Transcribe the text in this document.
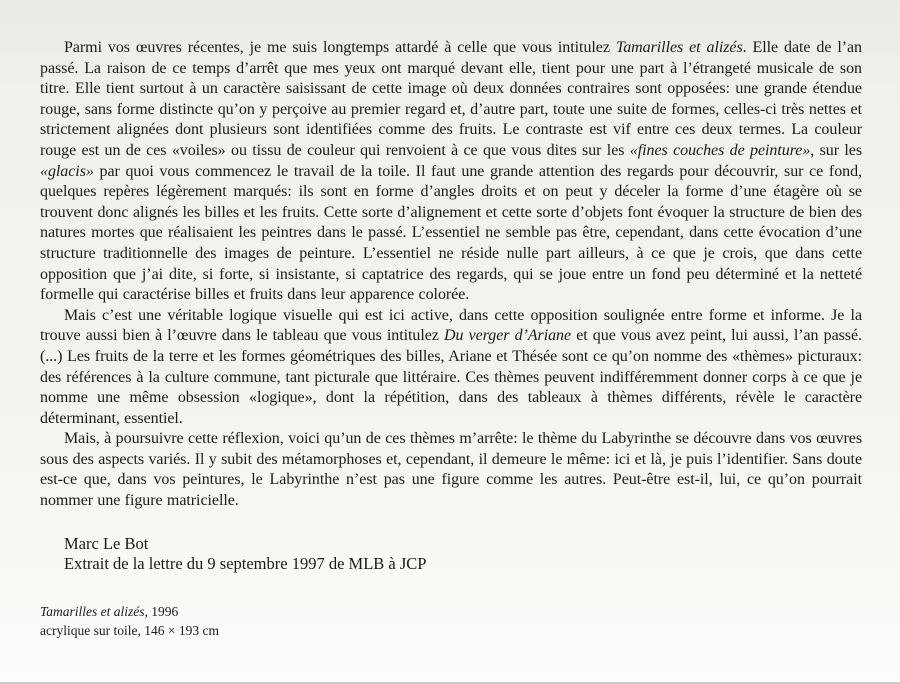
Parmi vos œuvres récentes, je me suis longtemps attardé à celle que vous intitulez Tamarilles et alizés. Elle date de l’an passé. La raison de ce temps d’arrêt que mes yeux ont marqué devant elle, tient pour une part à l’étrangeté musicale de son titre. Elle tient surtout à un caractère saisissant de cette image où deux données contraires sont opposées: une grande étendue rouge, sans forme distincte qu’on y perçoive au premier regard et, d’autre part, toute une suite de formes, celles-ci très nettes et strictement alignées dont plusieurs sont identifiées comme des fruits. Le contraste est vif entre ces deux termes. La couleur rouge est un de ces «voiles» ou tissu de couleur qui renvoient à ce que vous dites sur les «fines couches de peinture», sur les «glacis» par quoi vous commencez le travail de la toile. Il faut une grande attention des regards pour découvrir, sur ce fond, quelques repères légèrement marqués: ils sont en forme d’angles droits et on peut y déceler la forme d’une étagère où se trouvent donc alignés les billes et les fruits. Cette sorte d’alignement et cette sorte d’objets font évoquer la structure de bien des natures mortes que réalisaient les peintres dans le passé. L’essentiel ne semble pas être, cependant, dans cette évocation d’une structure traditionnelle des images de peinture. L’essentiel ne réside nulle part ailleurs, à ce que je crois, que dans cette opposition que j’ai dite, si forte, si insistante, si captatrice des regards, qui se joue entre un fond peu déterminé et la netteté formelle qui caractérise billes et fruits dans leur apparence colorée.

Mais c’est une véritable logique visuelle qui est ici active, dans cette opposition soulignée entre forme et informe. Je la trouve aussi bien à l’œuvre dans le tableau que vous intitulez Du verger d’Ariane et que vous avez peint, lui aussi, l’an passé. (...) Les fruits de la terre et les formes géométriques des billes, Ariane et Thésée sont ce qu’on nomme des «thèmes» picturaux: des références à la culture commune, tant picturale que littéraire. Ces thèmes peuvent indifféremment donner corps à ce que je nomme une même obsession «logique», dont la répétition, dans des tableaux à thèmes différents, révèle le caractère déterminant, essentiel.

Mais, à poursuivre cette réflexion, voici qu’un de ces thèmes m’arrête: le thème du Labyrinthe se découvre dans vos œuvres sous des aspects variés. Il y subit des métamorphoses et, cependant, il demeure le même: ici et là, je puis l’identifier. Sans doute est-ce que, dans vos peintures, le Labyrinthe n’est pas une figure comme les autres. Peut-être est-il, lui, ce qu’on pourrait nommer une figure matricielle.

Marc Le Bot
Extrait de la lettre du 9 septembre 1997 de MLB à JCP
Tamarilles et alizés, 1996
acrylique sur toile, 146 × 193 cm
